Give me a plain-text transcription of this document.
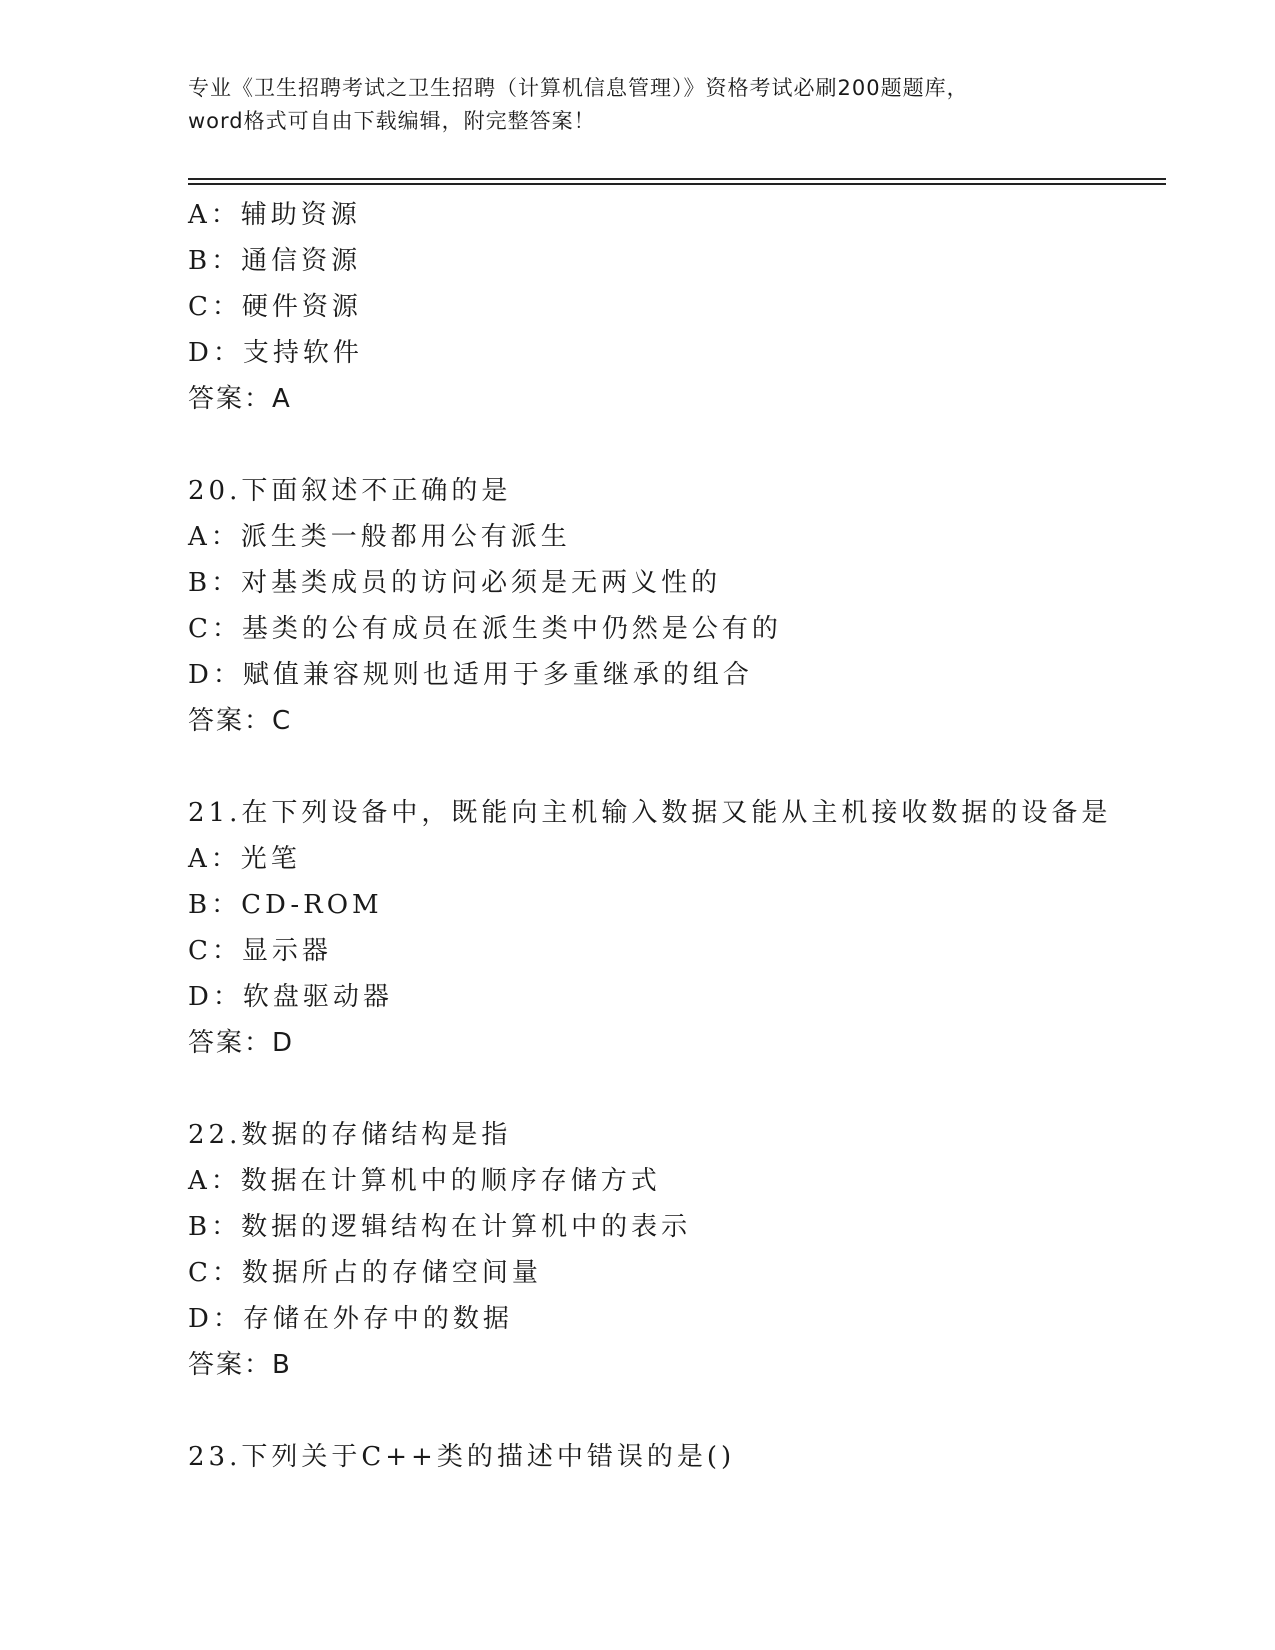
专业《卫生招聘考试之卫生招聘（计算机信息管理）》资格考试必刷200题题库，
word格式可自由下载编辑，附完整答案！
A：辅助资源
B：通信资源
C：硬件资源
D：支持软件
答案：A
20.下面叙述不正确的是
A：派生类一般都用公有派生
B：对基类成员的访问必须是无两义性的
C：基类的公有成员在派生类中仍然是公有的
D：赋值兼容规则也适用于多重继承的组合
答案：C
21.在下列设备中，既能向主机输入数据又能从主机接收数据的设备是
A：光笔
B：CD-ROM
C：显示器
D：软盘驱动器
答案：D
22.数据的存储结构是指
A：数据在计算机中的顺序存储方式
B：数据的逻辑结构在计算机中的表示
C：数据所占的存储空间量
D：存储在外存中的数据
答案：B
23.下列关于C++类的描述中错误的是()
